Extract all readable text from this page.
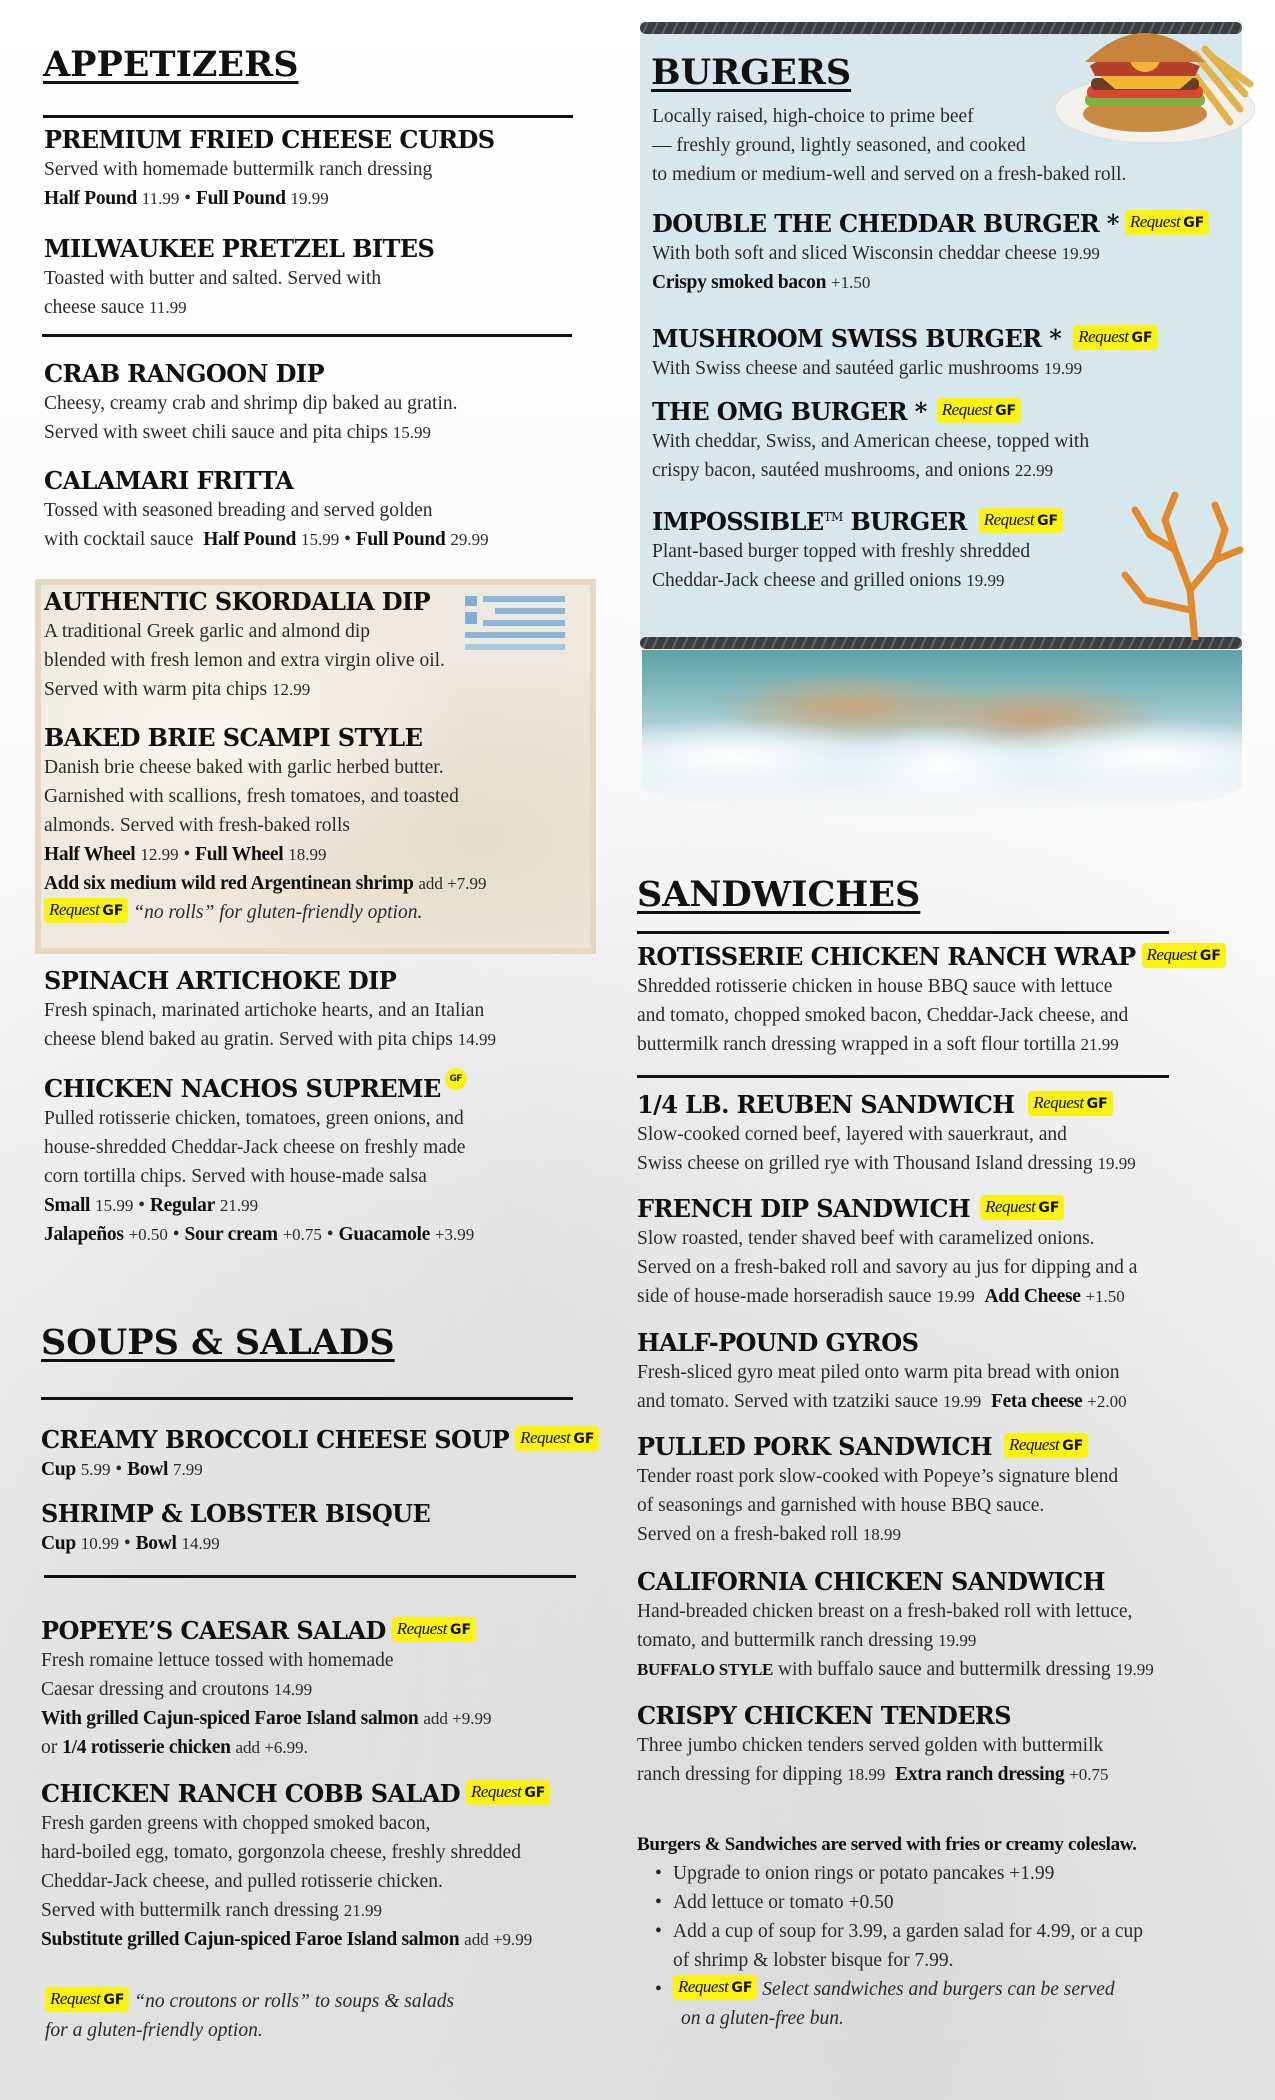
APPETIZERS
PREMIUM FRIED CHEESE CURDS
Served with homemade buttermilk ranch dressing
Half Pound 11.99 • Full Pound 19.99
MILWAUKEE PRETZEL BITES
Toasted with butter and salted. Served with
cheese sauce 11.99
CRAB RANGOON DIP
Cheesy, creamy crab and shrimp dip baked au gratin.
Served with sweet chili sauce and pita chips 15.99
CALAMARI FRITTA
Tossed with seasoned breading and served golden
with cocktail sauce Half Pound 15.99 • Full Pound 29.99
AUTHENTIC SKORDALIA DIP
A traditional Greek garlic and almond dip
blended with fresh lemon and extra virgin olive oil.
Served with warm pita chips 12.99
BAKED BRIE SCAMPI STYLE
Danish brie cheese baked with garlic herbed butter.
Garnished with scallions, fresh tomatoes, and toasted
almonds. Served with fresh-baked rolls
Half Wheel 12.99 • Full Wheel 18.99
Add six medium wild red Argentinean shrimp add +7.99
Request GF “no rolls” for gluten-friendly option.
SPINACH ARTICHOKE DIP
Fresh spinach, marinated artichoke hearts, and an Italian
cheese blend baked au gratin. Served with pita chips 14.99
CHICKEN NACHOS SUPREME GF
Pulled rotisserie chicken, tomatoes, green onions, and
house-shredded Cheddar-Jack cheese on freshly made
corn tortilla chips. Served with house-made salsa
Small 15.99 • Regular 21.99
Jalapeños +0.50 • Sour cream +0.75 • Guacamole +3.99
SOUPS & SALADS
CREAMY BROCCOLI CHEESE SOUP Request GF
Cup 5.99 • Bowl 7.99
SHRIMP & LOBSTER BISQUE
Cup 10.99 • Bowl 14.99
POPEYE’S CAESAR SALAD Request GF
Fresh romaine lettuce tossed with homemade
Caesar dressing and croutons 14.99
With grilled Cajun-spiced Faroe Island salmon add +9.99
or 1/4 rotisserie chicken add +6.99.
CHICKEN RANCH COBB SALAD Request GF
Fresh garden greens with chopped smoked bacon,
hard-boiled egg, tomato, gorgonzola cheese, freshly shredded
Cheddar-Jack cheese, and pulled rotisserie chicken.
Served with buttermilk ranch dressing 21.99
Substitute grilled Cajun-spiced Faroe Island salmon add +9.99
Request GF “no croutons or rolls” to soups & salads
for a gluten-friendly option.
BURGERS
Locally raised, high-choice to prime beef
— freshly ground, lightly seasoned, and cooked
to medium or medium-well and served on a fresh-baked roll.
DOUBLE THE CHEDDAR BURGER * Request GF
With both soft and sliced Wisconsin cheddar cheese 19.99
Crispy smoked bacon +1.50
MUSHROOM SWISS BURGER * Request GF
With Swiss cheese and sautéed garlic mushrooms 19.99
THE OMG BURGER * Request GF
With cheddar, Swiss, and American cheese, topped with
crispy bacon, sautéed mushrooms, and onions 22.99
IMPOSSIBLE™ BURGER Request GF
Plant-based burger topped with freshly shredded
Cheddar-Jack cheese and grilled onions 19.99
SANDWICHES
ROTISSERIE CHICKEN RANCH WRAP Request GF
Shredded rotisserie chicken in house BBQ sauce with lettuce
and tomato, chopped smoked bacon, Cheddar-Jack cheese, and
buttermilk ranch dressing wrapped in a soft flour tortilla 21.99
1/4 LB. REUBEN SANDWICH Request GF
Slow-cooked corned beef, layered with sauerkraut, and
Swiss cheese on grilled rye with Thousand Island dressing 19.99
FRENCH DIP SANDWICH Request GF
Slow roasted, tender shaved beef with caramelized onions.
Served on a fresh-baked roll and savory au jus for dipping and a
side of house-made horseradish sauce 19.99 Add Cheese +1.50
HALF-POUND GYROS
Fresh-sliced gyro meat piled onto warm pita bread with onion
and tomato. Served with tzatziki sauce 19.99 Feta cheese +2.00
PULLED PORK SANDWICH Request GF
Tender roast pork slow-cooked with Popeye’s signature blend
of seasonings and garnished with house BBQ sauce.
Served on a fresh-baked roll 18.99
CALIFORNIA CHICKEN SANDWICH
Hand-breaded chicken breast on a fresh-baked roll with lettuce,
tomato, and buttermilk ranch dressing 19.99
BUFFALO STYLE with buffalo sauce and buttermilk dressing 19.99
CRISPY CHICKEN TENDERS
Three jumbo chicken tenders served golden with buttermilk
ranch dressing for dipping 18.99 Extra ranch dressing +0.75
Burgers & Sandwiches are served with fries or creamy coleslaw.
• Upgrade to onion rings or potato pancakes +1.99
• Add lettuce or tomato +0.50
• Add a cup of soup for 3.99, a garden salad for 4.99, or a cup
of shrimp & lobster bisque for 7.99.
• Request GF Select sandwiches and burgers can be served
on a gluten-free bun.
